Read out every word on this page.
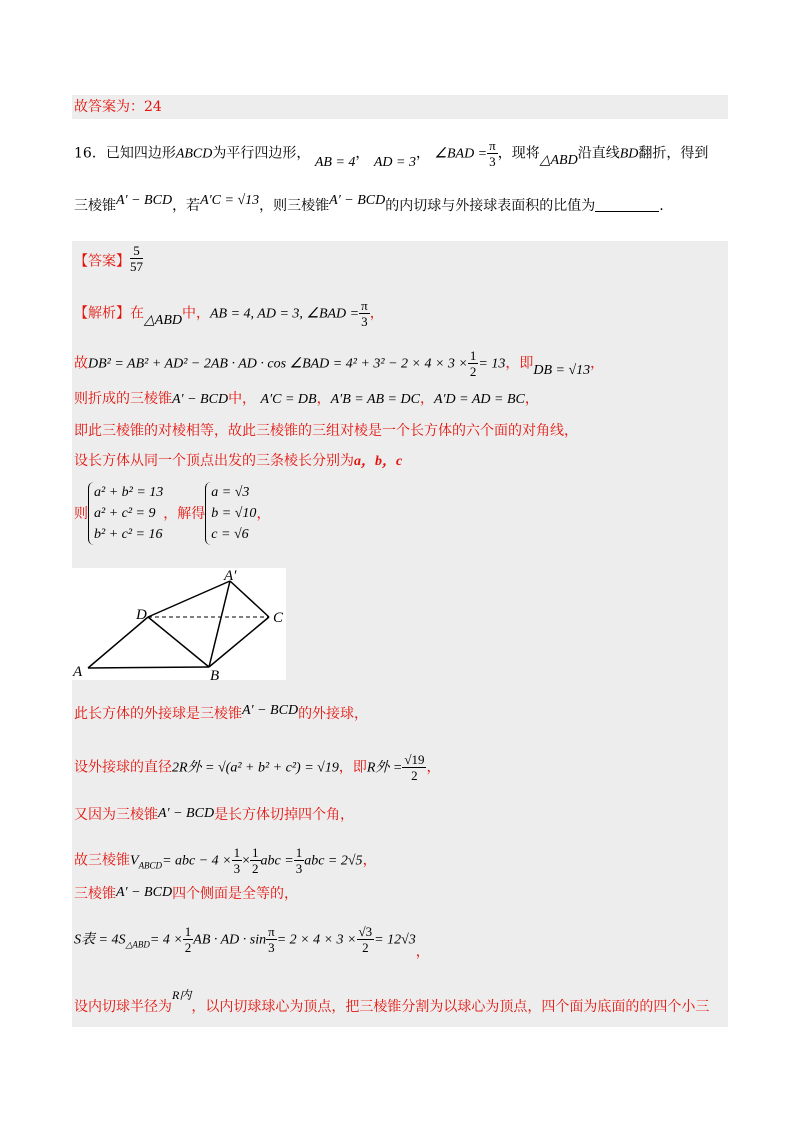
故答案为：24
16．已知四边形ABCD为平行四边形， AB = 4， AD = 3， ∠BAD = $\frac{\pi}{3}$ ，现将△ABD沿直线BD翻折，得到
三棱锥A′ − BCD，若A′C = √13，则三棱锥A′ − BCD的内切球与外接球表面积的比值为	.
【答案】 $\frac{5}{57}$
【解析】在△ABD中，AB = 4, AD = 3, ∠BAD = $\frac{\pi}{3}$ ，
故DB² = AB² + AD² − 2AB · AD · cos ∠BAD = $4^2 + 3^2 - 2 \times 4 \times 3 \times \frac{1}{2} = 13$，即DB = √13，
则折成的三棱锥A′ − BCD中， A′C = DB，A′B = AB = DC，A′D = AD = BC，
即此三棱锥的对棱相等，故此三棱锥的三组对棱是一个长方体的六个面的对角线，
设长方体从同一个顶点出发的三条棱长分别为a，b，c
则
a² + b² = 13
a² + c² = 9
b² + c² = 16
，解得
a = √3
b = √10
c = √6
，
A′
D	C
A	B
此长方体的外接球是三棱锥A′ − BCD的外接球，
设外接球的直径2R外 = √(a² + b² + c²) = √19，即R外 = $\frac{√19}{2}$ ，
又因为三棱锥A′ − BCD是长方体切掉四个角，
故三棱锥$V_{ABCD}=$ abc − $4 \times \frac{1}{3} \times \frac{1}{2}$ abc = $\frac{1}{3}$ abc = 2√5，
三棱锥A′ − BCD四个侧面是全等的，
S表 = $4S_{\triangle ABD}= 4 \times \frac{1}{2}$ AB · AD · $\sin \frac{\pi}{3} = 2 \times 4 \times 3 \times \frac{√3}{2} = 12√3$，
设内切球半径为R内，以内切球球心为顶点，把三棱锥分割为以球心为顶点，四个面为底面的的四个小三
